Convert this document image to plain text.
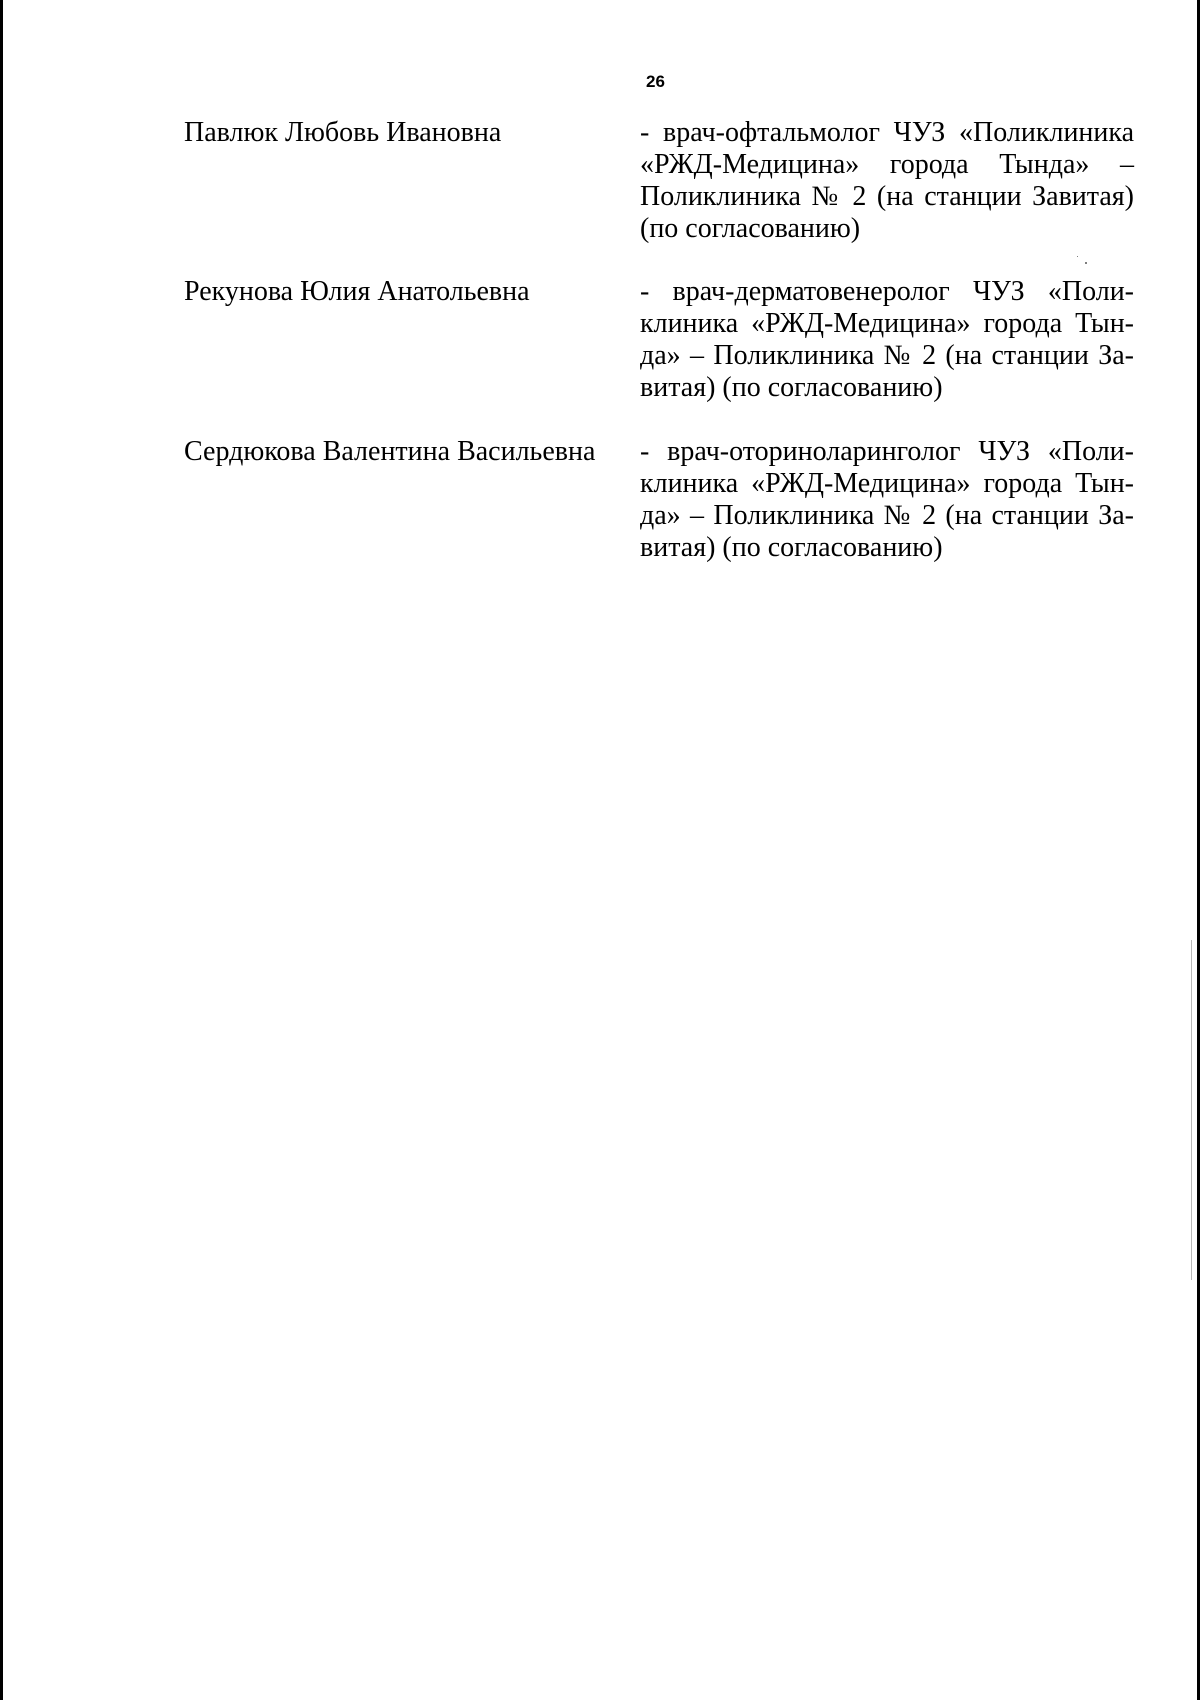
26
Павлюк Любовь Ивановна	- врач-офтальмолог ЧУЗ «Поликлиника
«РЖД-Медицина» города Тында» –
Поликлиника № 2 (на станции Завитая)
(по согласованию)
Рекунова Юлия Анатольевна	- врач-дерматовенеролог ЧУЗ «Поли-
клиника «РЖД-Медицина» города Тын-
да» – Поликлиника № 2 (на станции За-
витая) (по согласованию)
Сердюкова Валентина Васильевна	- врач-оториноларинголог ЧУЗ «Поли-
клиника «РЖД-Медицина» города Тын-
да» – Поликлиника № 2 (на станции За-
витая) (по согласованию)
